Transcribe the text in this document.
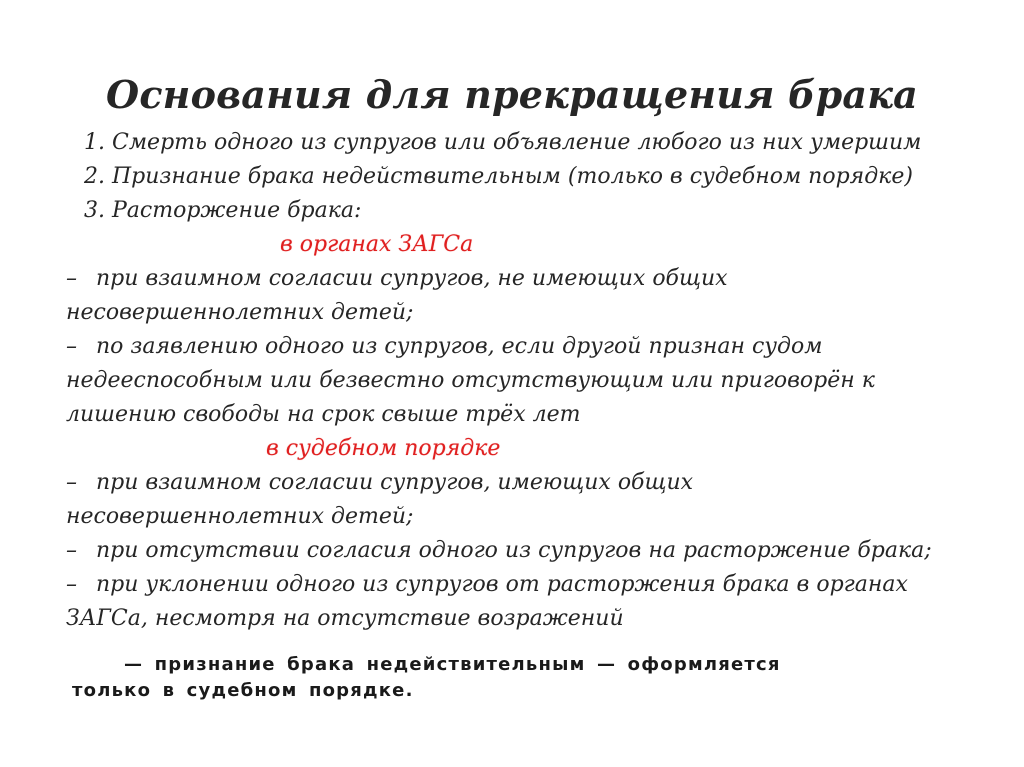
Основания для прекращения брака
1. Смерть одного из супругов или объявление любого из них умершим
2. Признание брака недействительным (только в судебном порядке)
3. Расторжение брака:
в органах ЗАГСа
– при взаимном согласии супругов, не имеющих общих
несовершеннолетних детей;
– по заявлению одного из супругов, если другой признан судом
недееспособным или безвестно отсутствующим или приговорён к
лишению свободы на срок свыше трёх лет
в судебном порядке
– при взаимном согласии супругов, имеющих общих
несовершеннолетних детей;
– при отсутствии согласия одного из супругов на расторжение брака;
– при уклонении одного из супругов от расторжения брака в органах
ЗАГСа, несмотря на отсутствие возражений
— признание брака недействительным — оформляется
только в судебном порядке.
